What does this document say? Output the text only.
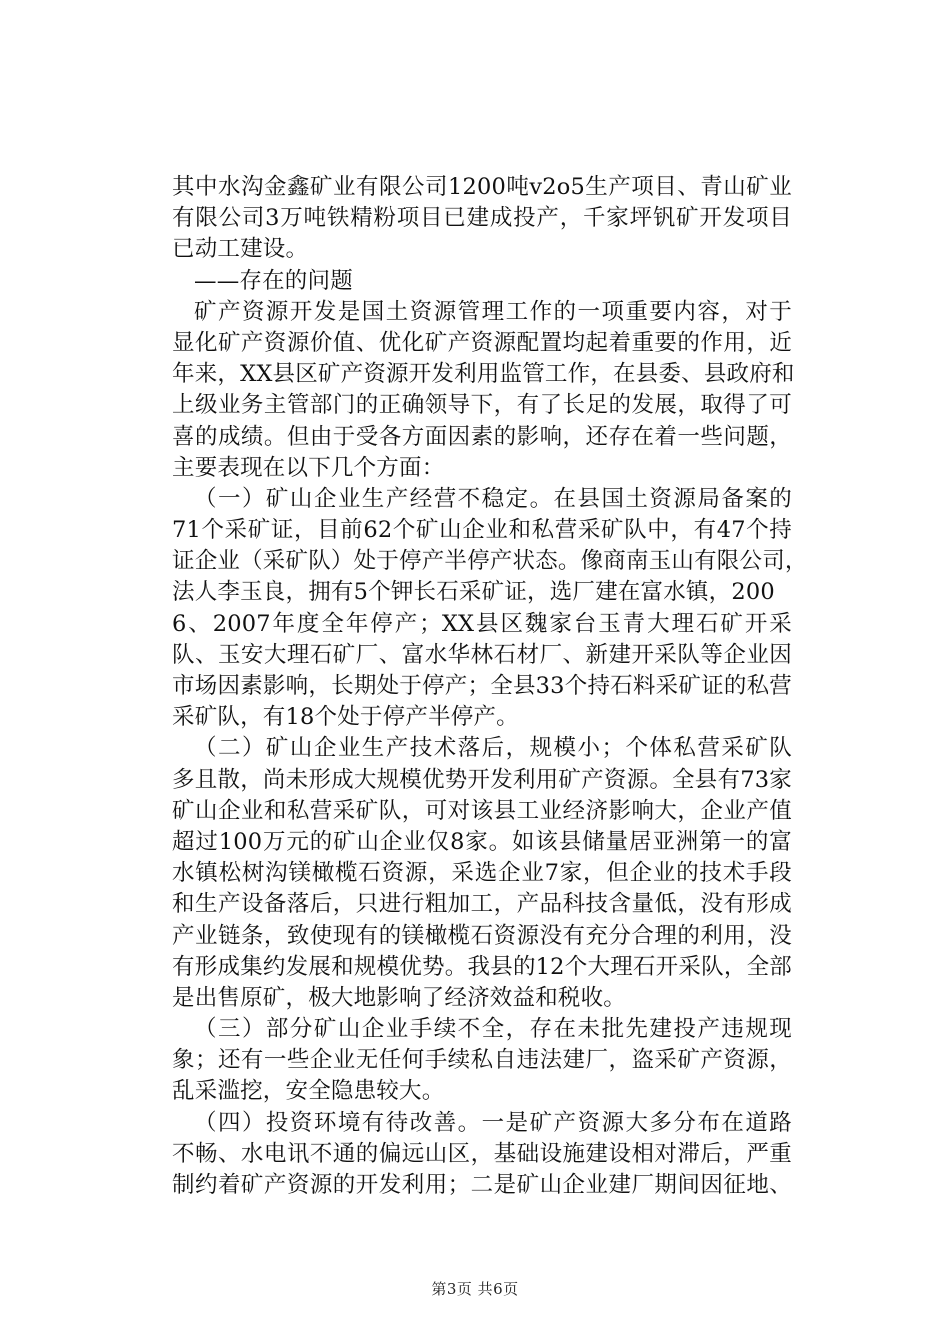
其中水沟金鑫矿业有限公司1200吨v2o5生产项目、青山矿业
有限公司3万吨铁精粉项目已建成投产，千家坪钒矿开发项目
已动工建设。
——存在的问题
矿产资源开发是国土资源管理工作的一项重要内容，对于
显化矿产资源价值、优化矿产资源配置均起着重要的作用，近
年来，XX县区矿产资源开发利用监管工作，在县委、县政府和
上级业务主管部门的正确领导下，有了长足的发展，取得了可
喜的成绩。但由于受各方面因素的影响，还存在着一些问题，
主要表现在以下几个方面：
（一）矿山企业生产经营不稳定。在县国土资源局备案的
71个采矿证，目前62个矿山企业和私营采矿队中，有47个持
证企业（采矿队）处于停产半停产状态。像商南玉山有限公司，
法人李玉良，拥有5个钾长石采矿证，选厂建在富水镇，200
6、2007年度全年停产；XX县区魏家台玉青大理石矿开采
队、玉安大理石矿厂、富水华林石材厂、新建开采队等企业因
市场因素影响，长期处于停产；全县33个持石料采矿证的私营
采矿队，有18个处于停产半停产。
（二）矿山企业生产技术落后，规模小；个体私营采矿队
多且散，尚未形成大规模优势开发利用矿产资源。全县有73家
矿山企业和私营采矿队，可对该县工业经济影响大，企业产值
超过100万元的矿山企业仅8家。如该县储量居亚洲第一的富
水镇松树沟镁橄榄石资源，采选企业7家，但企业的技术手段
和生产设备落后，只进行粗加工，产品科技含量低，没有形成
产业链条，致使现有的镁橄榄石资源没有充分合理的利用，没
有形成集约发展和规模优势。我县的12个大理石开采队，全部
是出售原矿，极大地影响了经济效益和税收。
（三）部分矿山企业手续不全，存在未批先建投产违规现
象；还有一些企业无任何手续私自违法建厂，盗采矿产资源，
乱采滥挖，安全隐患较大。
（四）投资环境有待改善。一是矿产资源大多分布在道路
不畅、水电讯不通的偏远山区，基础设施建设相对滞后，严重
制约着矿产资源的开发利用；二是矿山企业建厂期间因征地、
第3页 共6页
